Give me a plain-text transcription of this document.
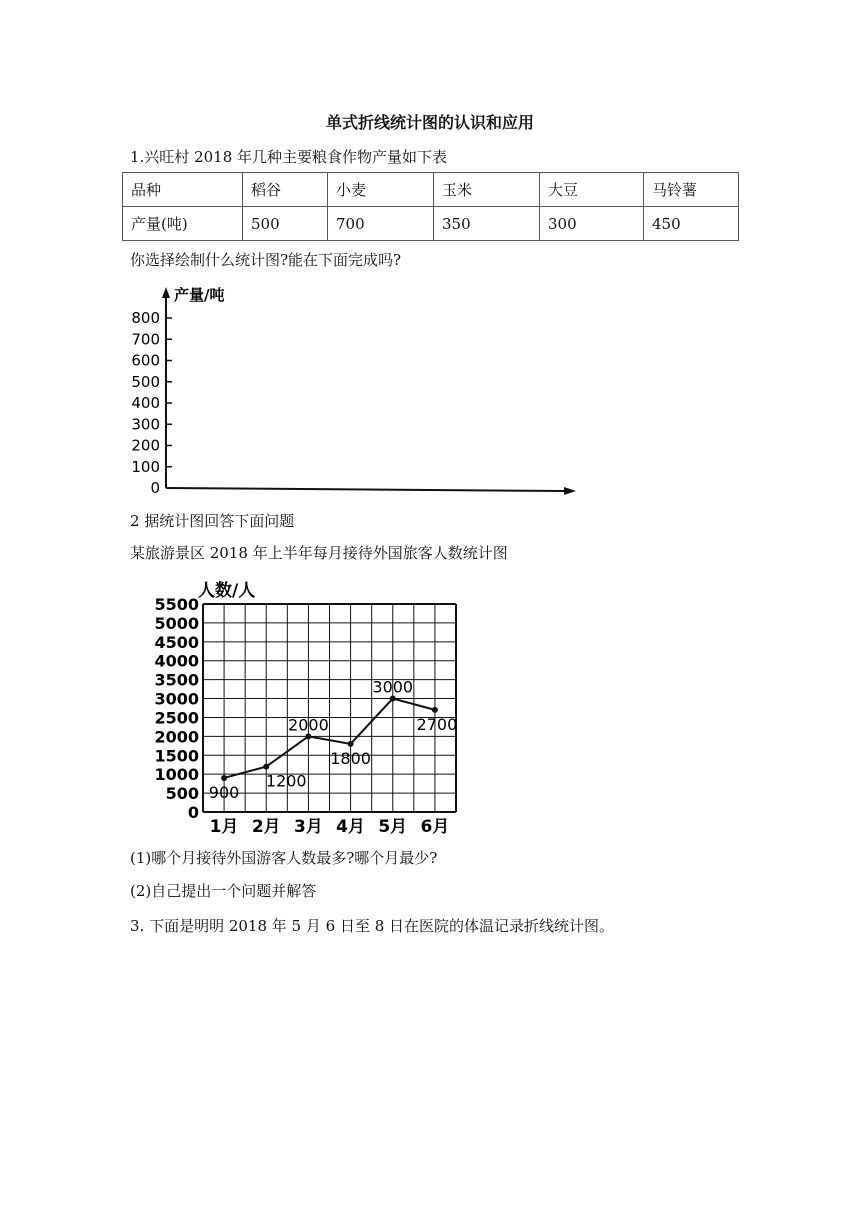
单式折线统计图的认识和应用
1.兴旺村 2018 年几种主要粮食作物产量如下表
品种	稻谷	小麦	玉米	大豆	马铃薯
产量(吨)	500	700	350	300	450
你选择绘制什么统计图?能在下面完成吗?
2 据统计图回答下面问题
某旅游景区 2018 年上半年每月接待外国旅客人数统计图
(1)哪个月接待外国游客人数最多?哪个月最少?
(2)自己提出一个问题并解答
3. 下面是明明 2018 年 5 月 6 日至 8 日在医院的体温记录折线统计图。
产量/吨
800
700
600
500
400
300
200
100
0
人数/人
5500
5000
4500
4000
3500
3000
2500
2000
1500
1000
500
0
900
1200
2000
1800
3000
2700
1月 2月 3月 4月 5月 6月
